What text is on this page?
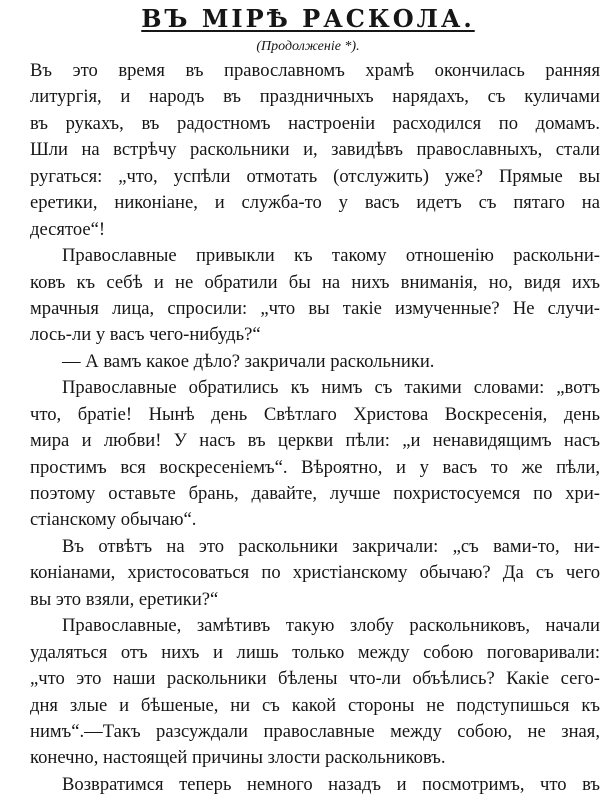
ВЪ МІРѢ РАСКОЛА.
(Продолженіе *).
Въ это время въ православномъ храмѣ окончилась ранняя
литургія, и народъ въ праздничныхъ нарядахъ, съ куличами
въ рукахъ, въ радостномъ настроеніи расходился по домамъ.
Шли на встрѣчу раскольники и, завидѣвъ православныхъ, стали
ругаться: „что, успѣли отмотать (отслужить) уже? Прямые вы
еретики, никоніане, и служба-то у васъ идетъ съ пятаго на
десятое“!
Православные привыкли къ такому отношенію раскольни-
ковъ къ себѣ и не обратили бы на нихъ вниманія, но, видя ихъ
мрачныя лица, спросили: „что вы такіе измученные? Не случи-
лось-ли у васъ чего-нибудь?“
— А вамъ какое дѣло? закричали раскольники.
Православные обратились къ нимъ съ такими словами: „вотъ
что, братіе! Нынѣ день Свѣтлаго Христова Воскресенія, день
мира и любви! У насъ въ церкви пѣли: „и ненавидящимъ насъ
простимъ вся воскресеніемъ“. Вѣроятно, и у васъ то же пѣли,
поэтому оставьте брань, давайте, лучше похристосуемся по хри-
стіанскому обычаю“.
Въ отвѣтъ на это раскольники закричали: „съ вами-то, ни-
коніанами, христосоваться по христіанскому обычаю? Да съ чего
вы это взяли, еретики?“
Православные, замѣтивъ такую злобу раскольниковъ, начали
удаляться отъ нихъ и лишь только между собою поговаривали:
„что это наши раскольники бѣлены что-ли объѣлись? Какіе сего-
дня злые и бѣшеные, ни съ какой стороны не подступишься къ
нимъ“.—Такъ разсуждали православные между собою, не зная,
конечно, настоящей причины злости раскольниковъ.
Возвратимся теперь немного назадъ и посмотримъ, что въ
